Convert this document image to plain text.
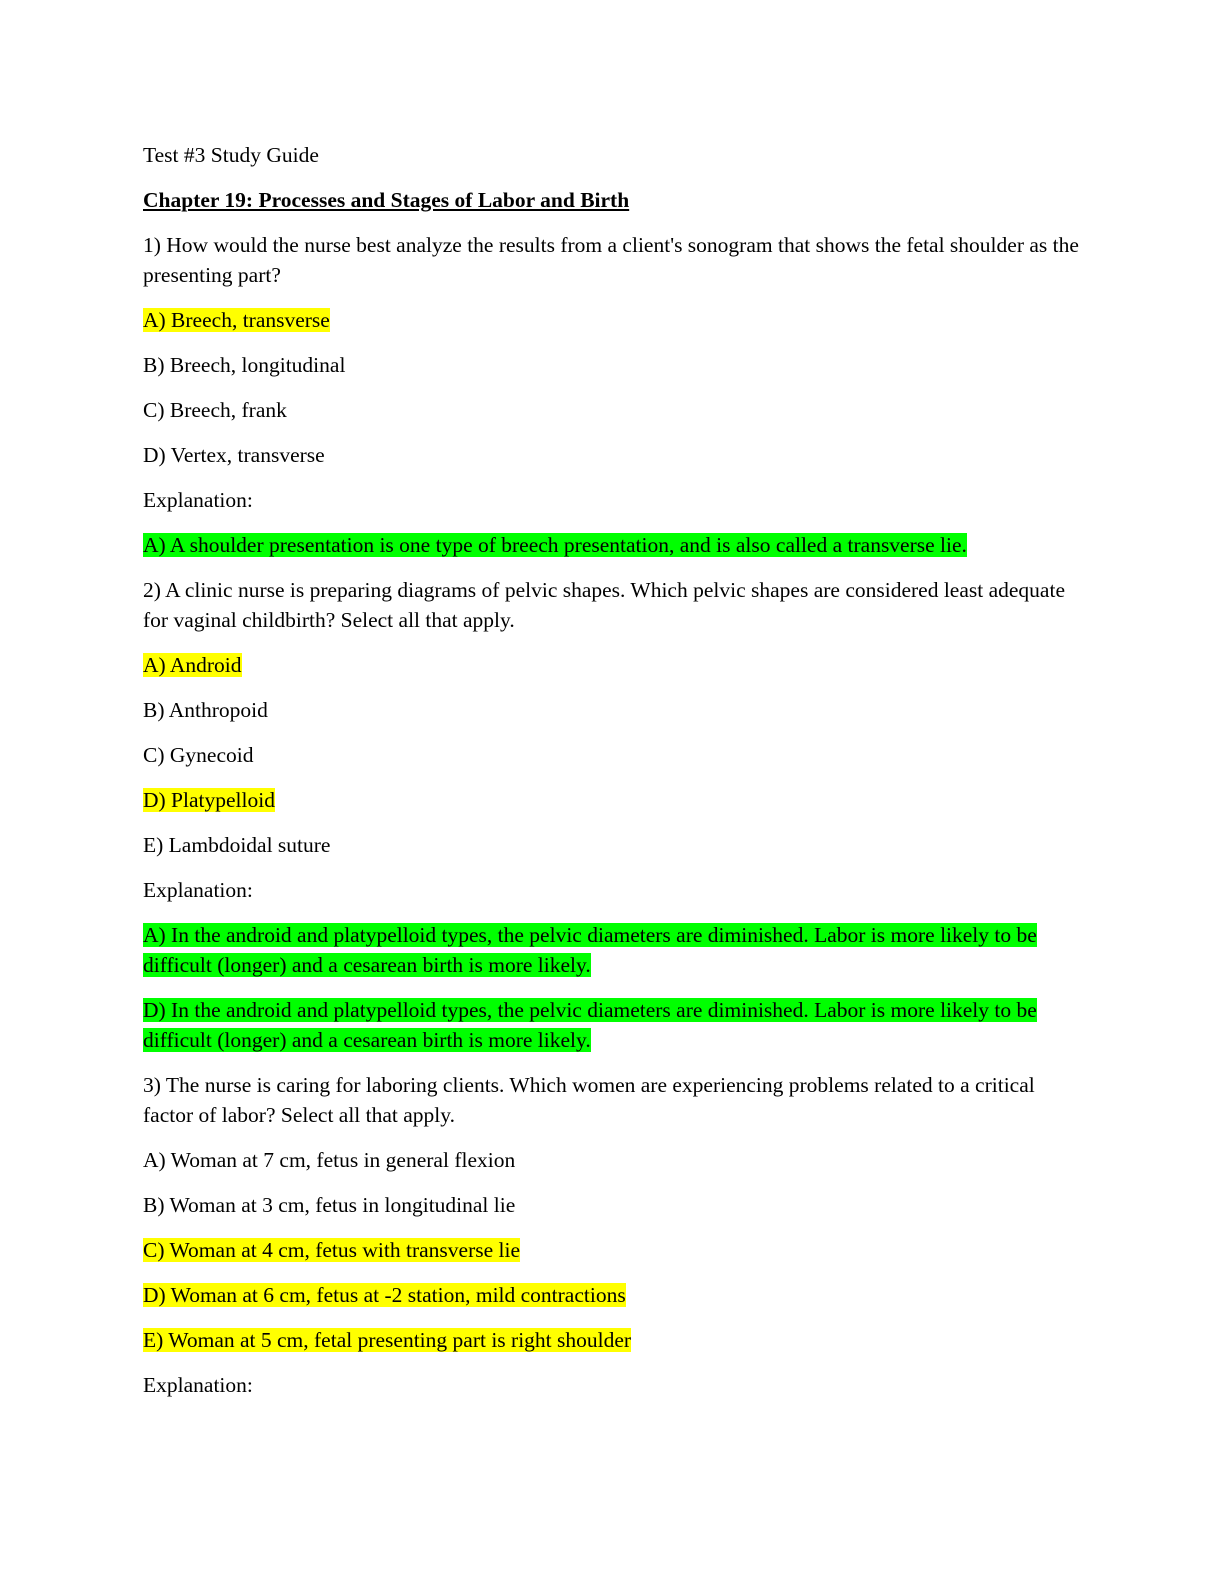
Test #3 Study Guide

Chapter 19: Processes and Stages of Labor and Birth

1) How would the nurse best analyze the results from a client's sonogram that shows the fetal shoulder as the presenting part?

A) Breech, transverse

B) Breech, longitudinal

C) Breech, frank

D) Vertex, transverse

Explanation:

A) A shoulder presentation is one type of breech presentation, and is also called a transverse lie.

2) A clinic nurse is preparing diagrams of pelvic shapes. Which pelvic shapes are considered least adequate for vaginal childbirth? Select all that apply.

A) Android

B) Anthropoid

C) Gynecoid

D) Platypelloid

E) Lambdoidal suture

Explanation:

A) In the android and platypelloid types, the pelvic diameters are diminished. Labor is more likely to be difficult (longer) and a cesarean birth is more likely.

D) In the android and platypelloid types, the pelvic diameters are diminished. Labor is more likely to be difficult (longer) and a cesarean birth is more likely.

3) The nurse is caring for laboring clients. Which women are experiencing problems related to a critical factor of labor? Select all that apply.

A) Woman at 7 cm, fetus in general flexion

B) Woman at 3 cm, fetus in longitudinal lie

C) Woman at 4 cm, fetus with transverse lie

D) Woman at 6 cm, fetus at -2 station, mild contractions

E) Woman at 5 cm, fetal presenting part is right shoulder

Explanation:
